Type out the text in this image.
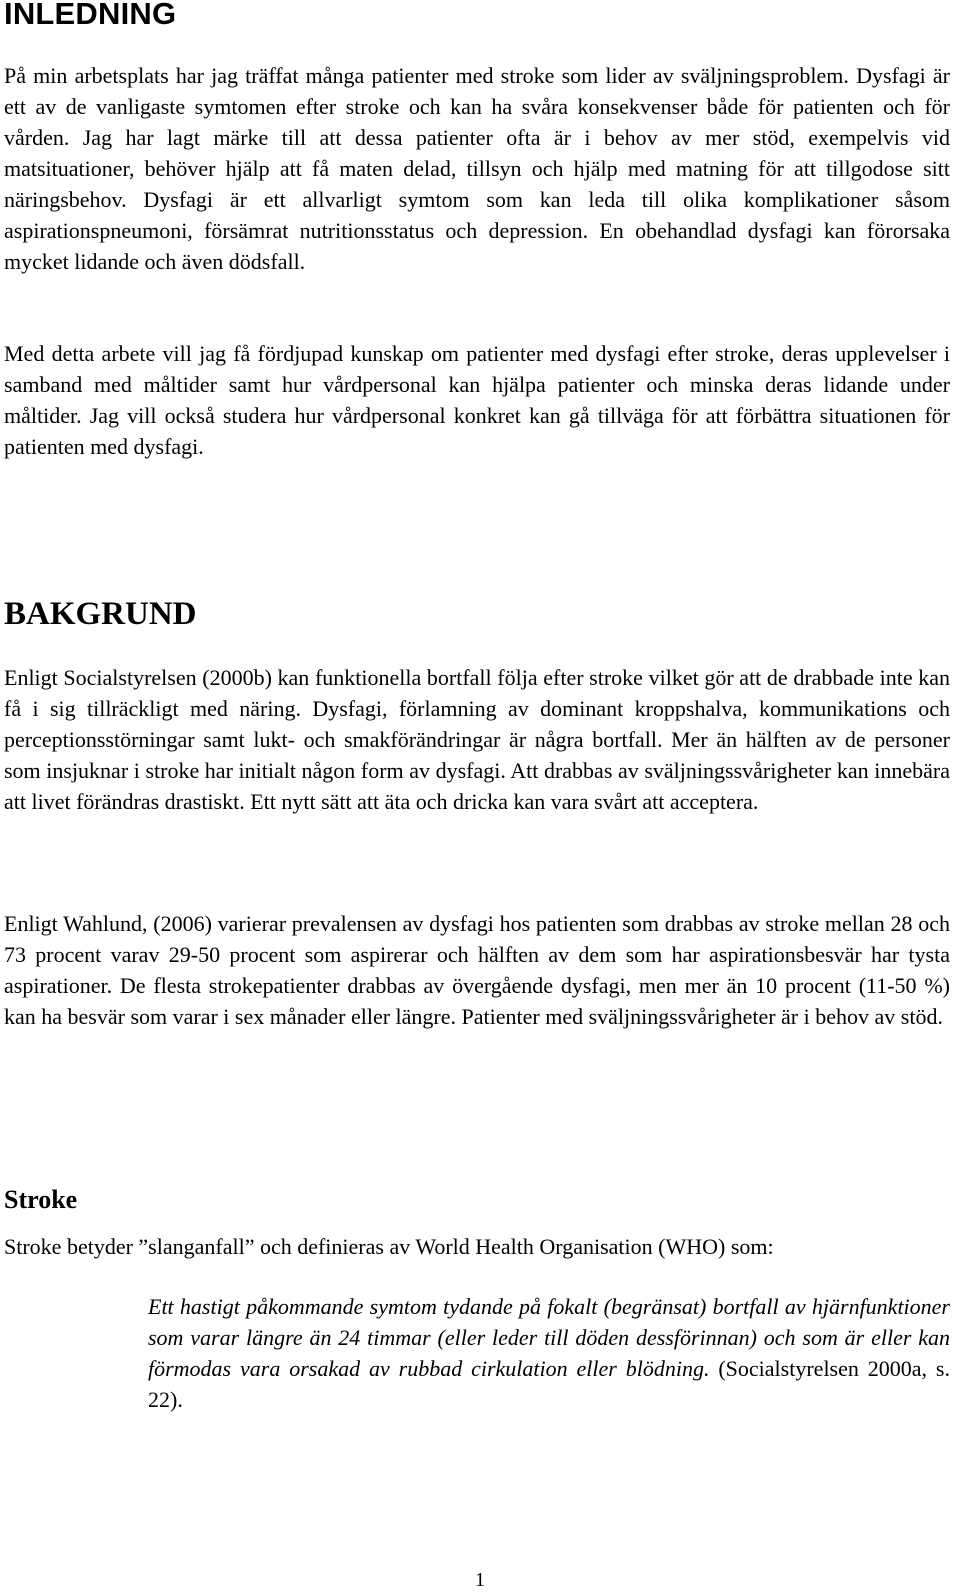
INLEDNING

På min arbetsplats har jag träffat många patienter med stroke som lider av sväljningsproblem. Dysfagi är ett av de vanligaste symtomen efter stroke och kan ha svåra konsekvenser både för patienten och för vården. Jag har lagt märke till att dessa patienter ofta är i behov av mer stöd, exempelvis vid matsituationer, behöver hjälp att få maten delad, tillsyn och hjälp med matning för att tillgodose sitt näringsbehov. Dysfagi är ett allvarligt symtom som kan leda till olika komplikationer såsom aspirationspneumoni, försämrat nutritionsstatus och depression. En obehandlad dysfagi kan förorsaka mycket lidande och även dödsfall.

Med detta arbete vill jag få fördjupad kunskap om patienter med dysfagi efter stroke, deras upplevelser i samband med måltider samt hur vårdpersonal kan hjälpa patienter och minska deras lidande under måltider. Jag vill också studera hur vårdpersonal konkret kan gå tillväga för att förbättra situationen för patienten med dysfagi.

BAKGRUND

Enligt Socialstyrelsen (2000b) kan funktionella bortfall följa efter stroke vilket gör att de drabbade inte kan få i sig tillräckligt med näring. Dysfagi, förlamning av dominant kroppshalva, kommunikations och perceptionsstörningar samt lukt- och smakförändringar är några bortfall. Mer än hälften av de personer som insjuknar i stroke har initialt någon form av dysfagi. Att drabbas av sväljningssvårigheter kan innebära att livet förändras drastiskt. Ett nytt sätt att äta och dricka kan vara svårt att acceptera.

Enligt Wahlund, (2006) varierar prevalensen av dysfagi hos patienten som drabbas av stroke mellan 28 och 73 procent varav 29-50 procent som aspirerar och hälften av dem som har aspirationsbesvär har tysta aspirationer. De flesta strokepatienter drabbas av övergående dysfagi, men mer än 10 procent (11-50 %) kan ha besvär som varar i sex månader eller längre. Patienter med sväljningssvårigheter är i behov av stöd.

Stroke

Stroke betyder ”slanganfall” och definieras av World Health Organisation (WHO) som:

Ett hastigt påkommande symtom tydande på fokalt (begränsat) bortfall av hjärnfunktioner som varar längre än 24 timmar (eller leder till döden dessförinnan) och som är eller kan förmodas vara orsakad av rubbad cirkulation eller blödning. (Socialstyrelsen 2000a, s. 22).

1
